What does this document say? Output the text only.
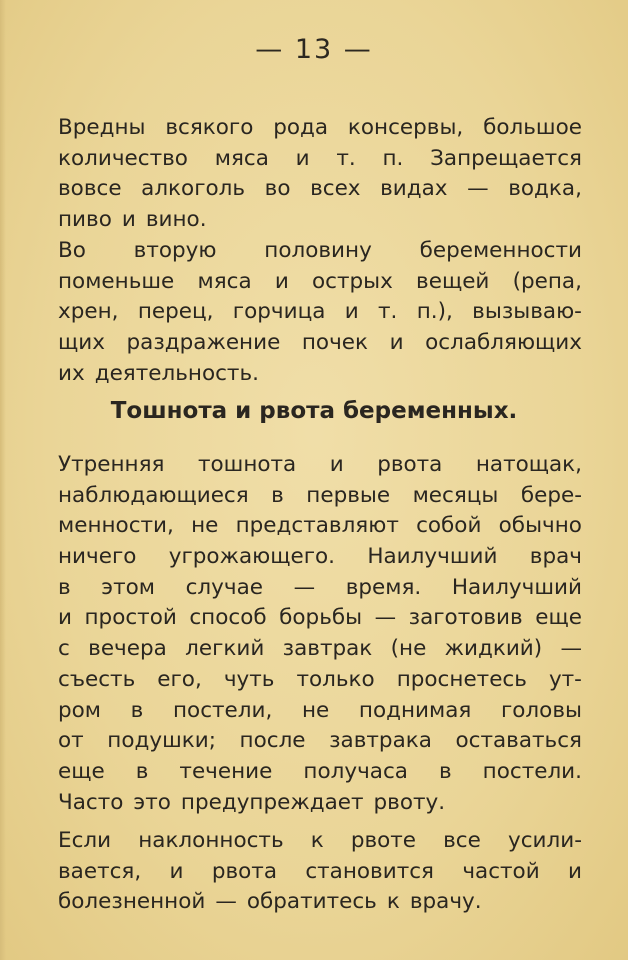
— 13 —
Вредны всякого рода консервы, большое
количество мяса и т. п. Запрещается
вовсе алкоголь во всех видах — водка,
пиво и вино.
Во вторую половину беременности
поменьше мяса и острых вещей (репа,
хрен, перец, горчица и т. п.), вызываю-
щих раздражение почек и ослабляющих
их деятельность.
Тошнота и рвота беременных.
Утренняя тошнота и рвота натощак,
наблюдающиеся в первые месяцы бере-
менности, не представляют собой обычно
ничего угрожающего. Наилучший врач
в этом случае — время. Наилучший
и простой способ борьбы — заготовив еще
с вечера легкий завтрак (не жидкий) —
съесть его, чуть только проснетесь ут-
ром в постели, не поднимая головы
от подушки; после завтрака оставаться
еще в течение получаса в постели.
Часто это предупреждает рвоту.
Если наклонность к рвоте все усили-
вается, и рвота становится частой и
болезненной — обратитесь к врачу.
